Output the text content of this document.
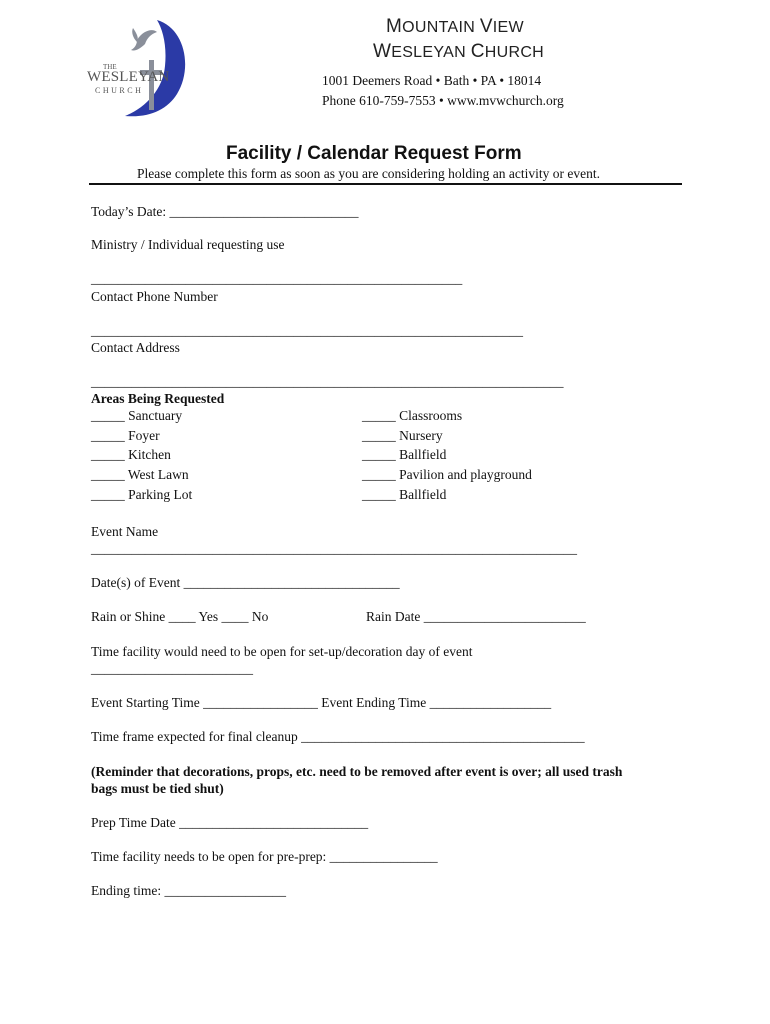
THE
WESLEYAN
CHURCH
MOUNTAIN VIEW
WESLEYAN CHURCH
1001 Deemers Road • Bath • PA • 18014
Phone 610-759-7553 • www.mvwchurch.org
Facility / Calendar Request Form
Please complete this form as soon as you are considering holding an activity or event.
Today’s Date: ____________________________
Ministry / Individual requesting use
_______________________________________________________
Contact Phone Number
________________________________________________________________
Contact Address
______________________________________________________________________
Areas Being Requested
_____ Sanctuary
_____ Foyer
_____ Kitchen
_____ West Lawn
_____ Parking Lot
_____ Classrooms
_____ Nursery
_____ Ballfield
_____ Pavilion and playground
_____ Ballfield
Event Name
________________________________________________________________________
Date(s) of Event ________________________________
Rain or Shine ____ Yes ____ No	Rain Date ________________________
Time facility would need to be open for set-up/decoration day of event
________________________
Event Starting Time _________________ Event Ending Time __________________
Time frame expected for final cleanup __________________________________________
(Reminder that decorations, props, etc. need to be removed after event is over; all used trash
bags must be tied shut)
Prep Time Date ____________________________
Time facility needs to be open for pre-prep: ________________
Ending time: __________________
